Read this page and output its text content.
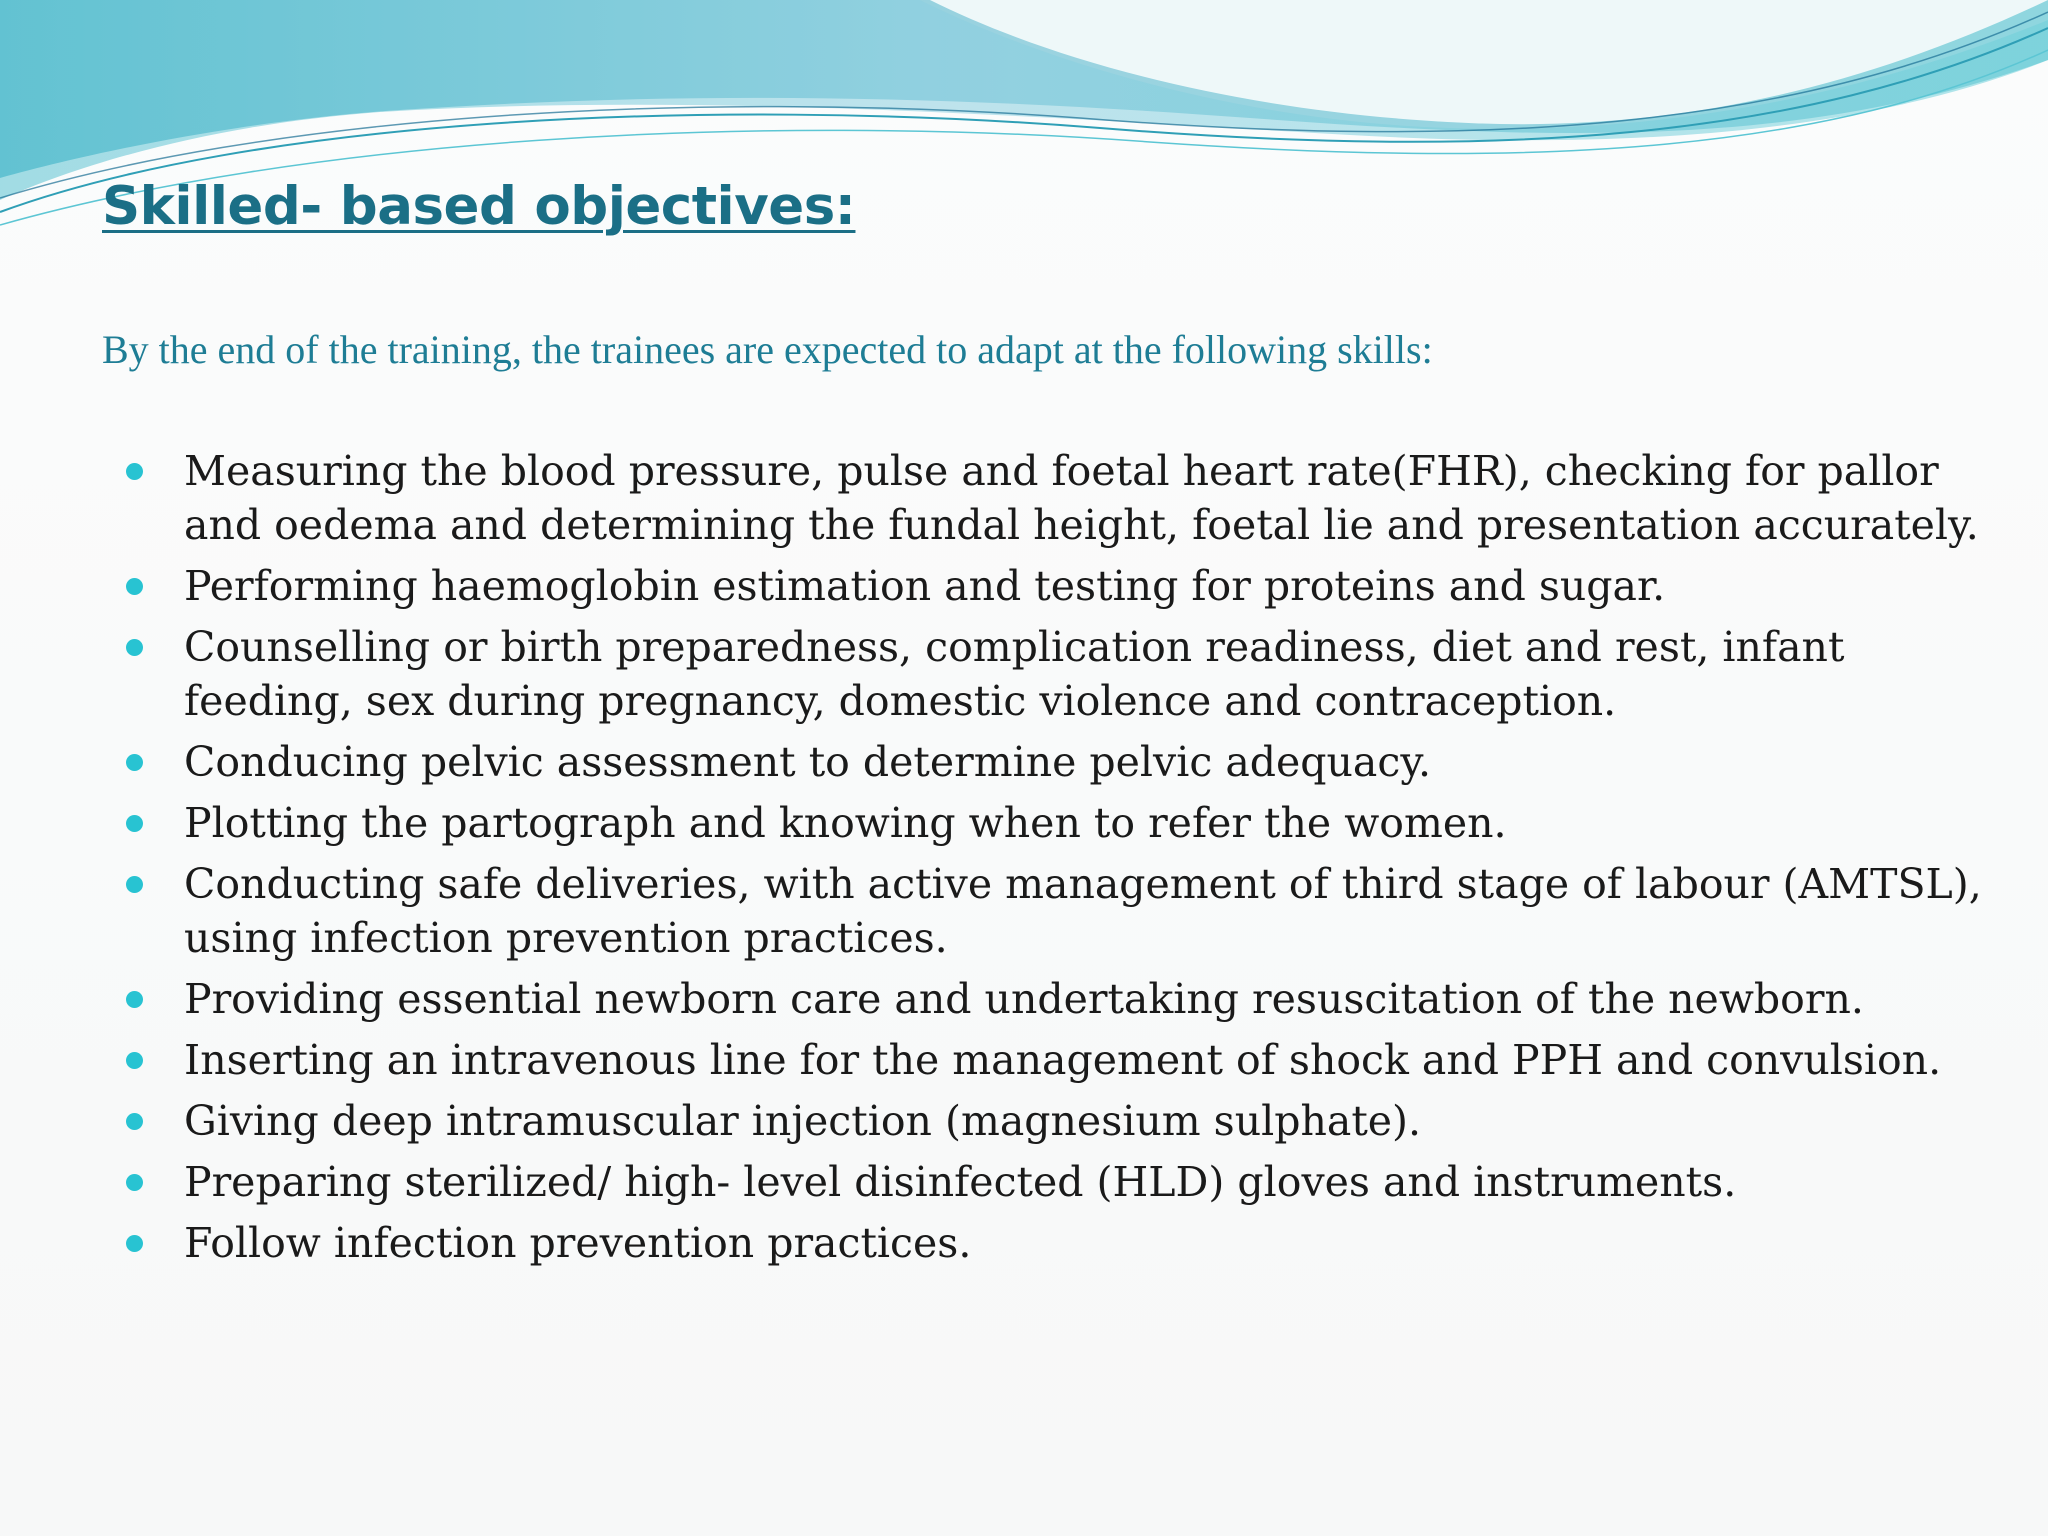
Skilled- based objectives:

By the end of the training, the trainees are expected to adapt at the following skills:

Measuring the blood pressure, pulse and foetal heart rate(FHR), checking for pallor and oedema and determining the fundal height, foetal lie and presentation accurately.
Performing haemoglobin estimation and testing for proteins and sugar.
Counselling or birth preparedness, complication readiness, diet and rest, infant feeding, sex during pregnancy, domestic violence and contraception.
Conducing pelvic assessment to determine pelvic adequacy.
Plotting the partograph and knowing when to refer the women.
Conducting safe deliveries, with active management of third stage of labour (AMTSL), using infection prevention practices.
Providing essential newborn care and undertaking resuscitation of the newborn.
Inserting an intravenous line for the management of shock and PPH and convulsion.
Giving deep intramuscular injection (magnesium sulphate).
Preparing sterilized/ high- level disinfected (HLD) gloves and instruments.
Follow infection prevention practices.
